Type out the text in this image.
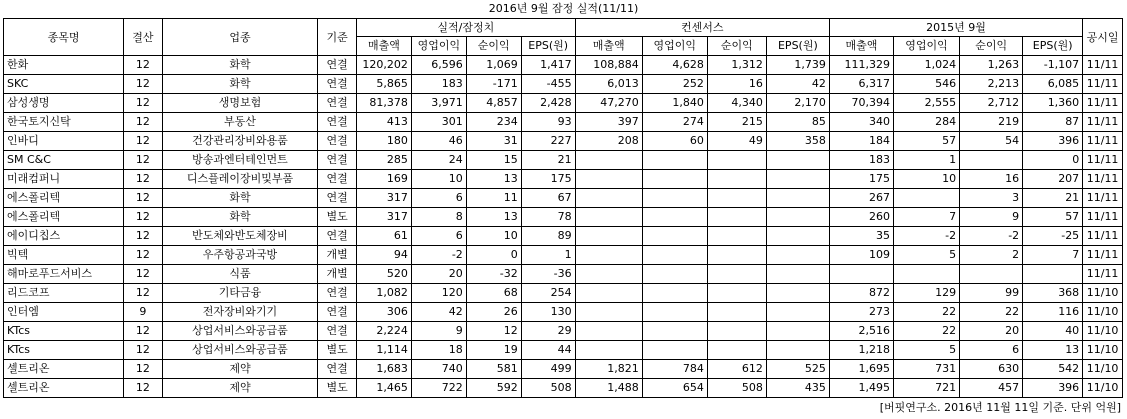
2016년 9월 잠정 실적(11/11)
종목명	결산	업종	기준	실적/잠정치				컨센서스				2015년 9월				공시일
				매출액	영업이익	순이익	EPS(원)	매출액	영업이익	순이익	EPS(원)	매출액	영업이익	순이익	EPS(원)	
한화	12	화학	연결	120,202	6,596	1,069	1,417	108,884	4,628	1,312	1,739	111,329	1,024	1,263	-1,107	11/11
SKC	12	화학	연결	5,865	183	-171	-455	6,013	252	16	42	6,317	546	2,213	6,085	11/11
삼성생명	12	생명보험	연결	81,378	3,971	4,857	2,428	47,270	1,840	4,340	2,170	70,394	2,555	2,712	1,360	11/11
한국토지신탁	12	부동산	연결	413	301	234	93	397	274	215	85	340	284	219	87	11/11
인바디	12	건강관리장비와용품	연결	180	46	31	227	208	60	49	358	184	57	54	396	11/11
SM C&C	12	방송과엔터테인먼트	연결	285	24	15	21					183	1		0	11/11
미래컴퍼니	12	디스플레이장비및부품	연결	169	10	13	175					175	10	16	207	11/11
에스폴리텍	12	화학	연결	317	6	11	67					267		3	21	11/11
에스폴리텍	12	화학	별도	317	8	13	78					260	7	9	57	11/11
에이디칩스	12	반도체와반도체장비	연결	61	6	10	89					35	-2	-2	-25	11/11
빅텍	12	우주항공과국방	개별	94	-2	0	1					109	5	2	7	11/11
해마로푸드서비스	12	식품	개별	520	20	-32	-36									11/11
리드코프	12	기타금융	연결	1,082	120	68	254					872	129	99	368	11/10
인터엠	9	전자장비와기기	연결	306	42	26	130					273	22	22	116	11/10
KTcs	12	상업서비스와공급품	연결	2,224	9	12	29					2,516	22	20	40	11/10
KTcs	12	상업서비스와공급품	별도	1,114	18	19	44					1,218	5	6	13	11/10
셀트리온	12	제약	연결	1,683	740	581	499	1,821	784	612	525	1,695	731	630	542	11/10
셀트리온	12	제약	별도	1,465	722	592	508	1,488	654	508	435	1,495	721	457	396	11/10
[버핏연구소. 2016년 11월 11일 기준. 단위 억원]
